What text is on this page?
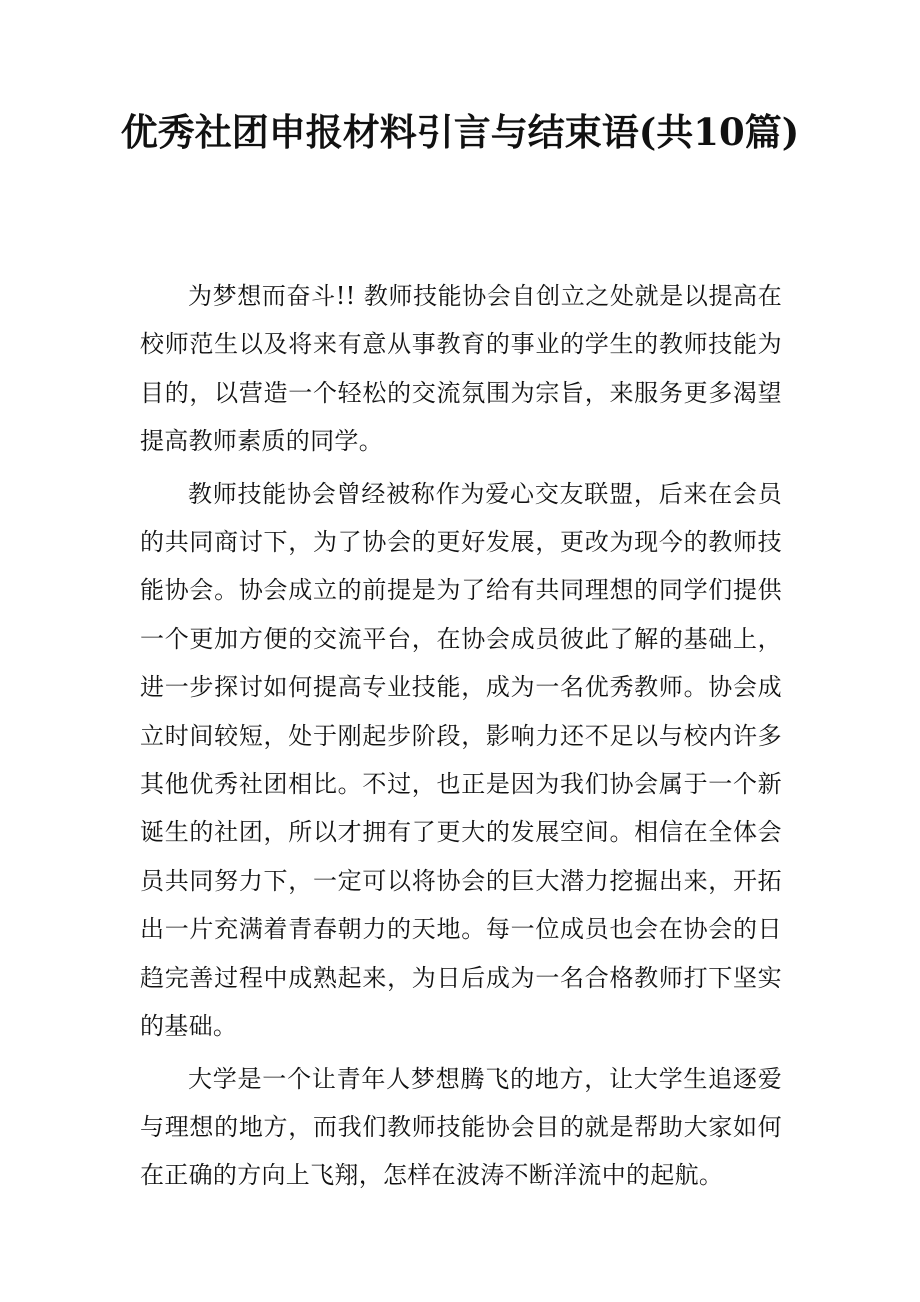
优秀社团申报材料引言与结束语(共10篇)

为梦想而奋斗!! 教师技能协会自创立之处就是以提高在校师范生以及将来有意从事教育的事业的学生的教师技能为目的，以营造一个轻松的交流氛围为宗旨，来服务更多渴望提高教师素质的同学。

教师技能协会曾经被称作为爱心交友联盟，后来在会员的共同商讨下，为了协会的更好发展，更改为现今的教师技能协会。协会成立的前提是为了给有共同理想的同学们提供一个更加方便的交流平台，在协会成员彼此了解的基础上，进一步探讨如何提高专业技能，成为一名优秀教师。协会成立时间较短，处于刚起步阶段，影响力还不足以与校内许多其他优秀社团相比。不过，也正是因为我们协会属于一个新诞生的社团，所以才拥有了更大的发展空间。相信在全体会员共同努力下，一定可以将协会的巨大潜力挖掘出来，开拓出一片充满着青春朝力的天地。每一位成员也会在协会的日趋完善过程中成熟起来，为日后成为一名合格教师打下坚实的基础。

大学是一个让青年人梦想腾飞的地方，让大学生追逐爱与理想的地方，而我们教师技能协会目的就是帮助大家如何在正确的方向上飞翔，怎样在波涛不断洋流中的起航。
